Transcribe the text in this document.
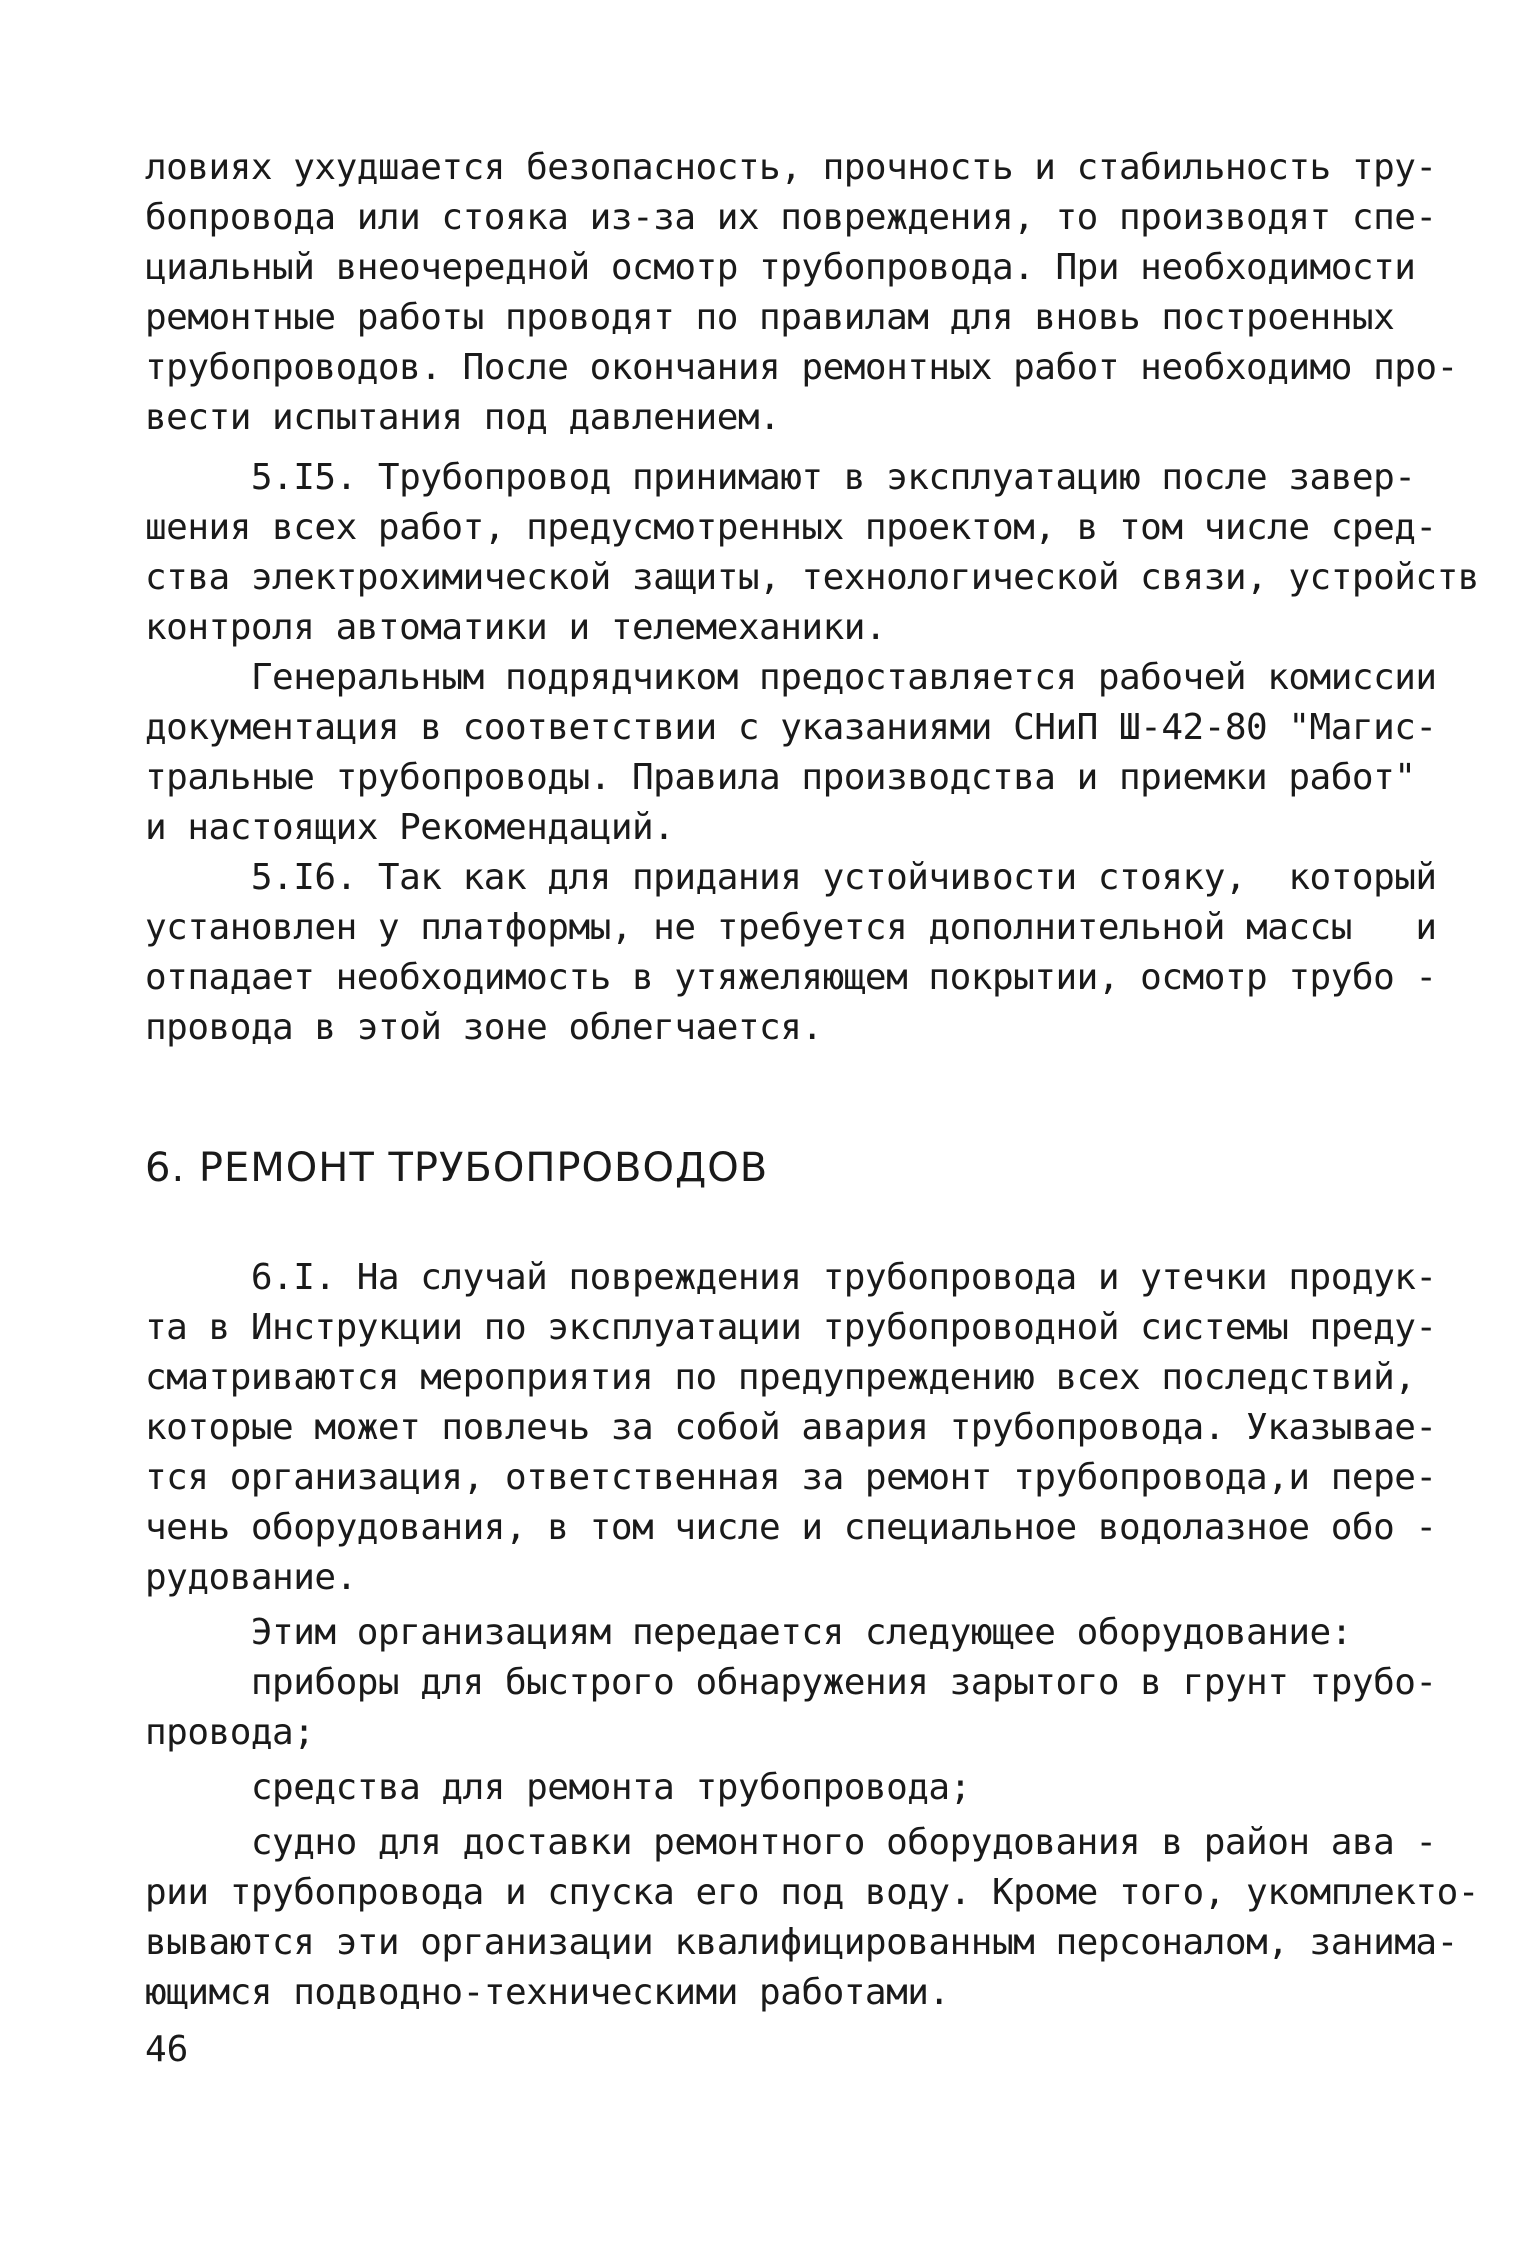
ловиях ухудшается безопасность, прочность и стабильность тру-

бопровода или стояка из-за их повреждения, то производят спе-

циальный внеочередной осмотр трубопровода. При необходимости

ремонтные работы проводят по правилам для вновь построенных

трубопроводов. После окончания ремонтных работ необходимо про-

вести испытания под давлением.

5.I5. Трубопровод принимают в эксплуатацию после завер-

шения всех работ, предусмотренных проектом, в том числе сред-

ства электрохимической защиты, технологической связи, устройств

контроля автоматики и телемеханики.

Генеральным подрядчиком предоставляется рабочей комиссии

документация в соответствии с указаниями СНиП Ш-42-80 "Магис-

тральные трубопроводы. Правила производства и приемки работ"

и настоящих Рекомендаций.

5.I6. Так как для придания устойчивости стояку,  который

установлен у платформы, не требуется дополнительной массы   и

отпадает необходимость в утяжеляющем покрытии, осмотр трубо -

провода в этой зоне облегчается.

6. РЕМОНТ ТРУБОПРОВОДОВ

6.I. На случай повреждения трубопровода и утечки продук-

та в Инструкции по эксплуатации трубопроводной системы преду-

сматриваются мероприятия по предупреждению всех последствий,

которые может повлечь за собой авария трубопровода. Указывае-

тся организация, ответственная за ремонт трубопровода,и пере-

чень оборудования, в том числе и специальное водолазное обо -

рудование.

Этим организациям передается следующее оборудование:

приборы для быстрого обнаружения зарытого в грунт трубо-

провода;

средства для ремонта трубопровода;

судно для доставки ремонтного оборудования в район ава -

рии трубопровода и спуска его под воду. Кроме того, укомплекто-

вываются эти организации квалифицированным персоналом, занима-

ющимся подводно-техническими работами.

46
